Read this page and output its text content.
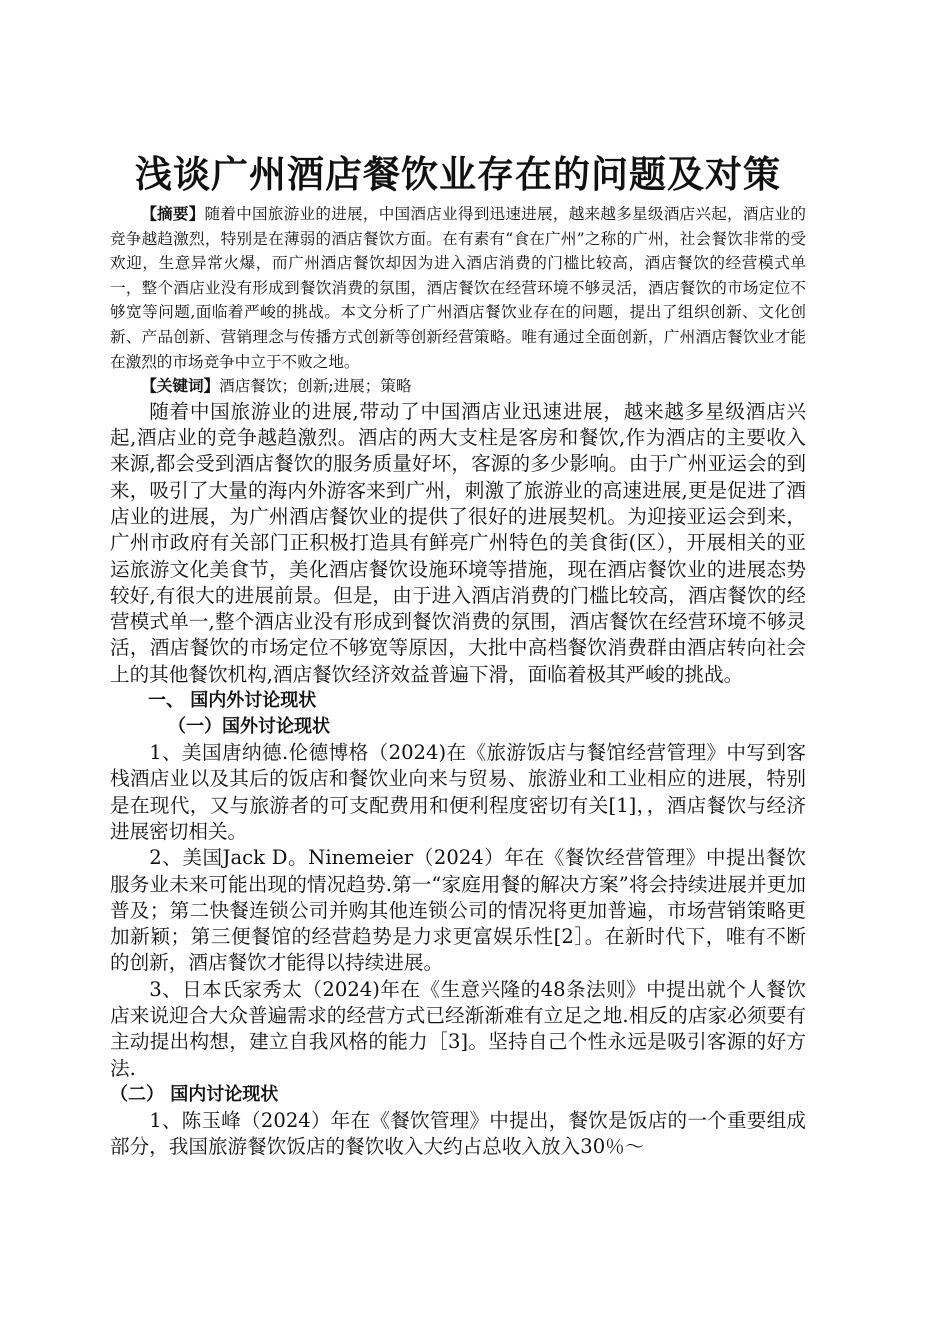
浅谈广州酒店餐饮业存在的问题及对策

【摘要】随着中国旅游业的进展，中国酒店业得到迅速进展，越来越多星级酒店兴起，酒店业的竞争越趋激烈，特别是在薄弱的酒店餐饮方面。在有素有“食在广州”之称的广州，社会餐饮非常的受欢迎，生意异常火爆，而广州酒店餐饮却因为进入酒店消费的门槛比较高，酒店餐饮的经营模式单一，整个酒店业没有形成到餐饮消费的氛围，酒店餐饮在经营环境不够灵活，酒店餐饮的市场定位不够宽等问题,面临着严峻的挑战。本文分析了广州酒店餐饮业存在的问题，提出了组织创新、文化创新、产品创新、营销理念与传播方式创新等创新经营策略。唯有通过全面创新，广州酒店餐饮业才能在激烈的市场竞争中立于不败之地。

【关键词】酒店餐饮；创新;进展；策略

随着中国旅游业的进展,带动了中国酒店业迅速进展，越来越多星级酒店兴起,酒店业的竞争越趋激烈。酒店的两大支柱是客房和餐饮,作为酒店的主要收入来源,都会受到酒店餐饮的服务质量好坏，客源的多少影响。由于广州亚运会的到来，吸引了大量的海内外游客来到广州，刺激了旅游业的高速进展,更是促进了酒店业的进展，为广州酒店餐饮业的提供了很好的进展契机。为迎接亚运会到来，广州市政府有关部门正积极打造具有鲜亮广州特色的美食街(区），开展相关的亚运旅游文化美食节，美化酒店餐饮设施环境等措施，现在酒店餐饮业的进展态势较好,有很大的进展前景。但是，由于进入酒店消费的门槛比较高，酒店餐饮的经营模式单一,整个酒店业没有形成到餐饮消费的氛围，酒店餐饮在经营环境不够灵活，酒店餐饮的市场定位不够宽等原因，大批中高档餐饮消费群由酒店转向社会上的其他餐饮机构,酒店餐饮经济效益普遍下滑，面临着极其严峻的挑战。

一、 国内外讨论现状

（一）国外讨论现状

1、美国唐纳德.伦德博格（2024)在《旅游饭店与餐馆经营管理》中写到客栈酒店业以及其后的饭店和餐饮业向来与贸易、旅游业和工业相应的进展，特别是在现代，又与旅游者的可支配费用和便利程度密切有关[1]，，酒店餐饮与经济进展密切相关。

2、美国Jack D。Ninemeier（2024）年在《餐饮经营管理》中提出餐饮服务业未来可能出现的情况趋势.第一“家庭用餐的解决方案”将会持续进展并更加普及；第二快餐连锁公司并购其他连锁公司的情况将更加普遍，市场营销策略更加新颖；第三便餐馆的经营趋势是力求更富娱乐性[2］。在新时代下，唯有不断的创新，酒店餐饮才能得以持续进展。

3、日本氏家秀太（2024)年在《生意兴隆的48条法则》中提出就个人餐饮店来说迎合大众普遍需求的经营方式已经渐渐难有立足之地.相反的店家必须要有主动提出构想，建立自我风格的能力［3]。坚持自己个性永远是吸引客源的好方法.

（二） 国内讨论现状

1、陈玉峰（2024）年在《餐饮管理》中提出，餐饮是饭店的一个重要组成部分，我国旅游餐饮饭店的餐饮收入大约占总收入放入30％～
